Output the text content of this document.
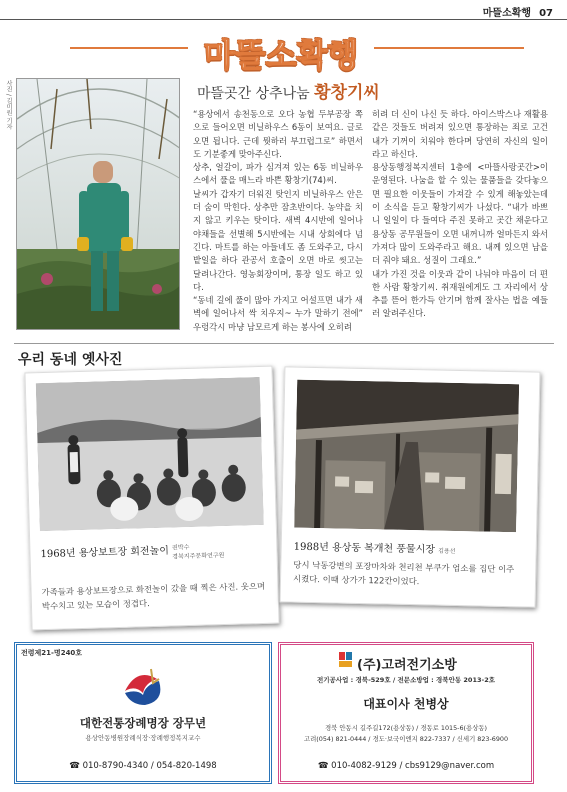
마뜰소확행 07
마뜰소확행
사진 / 김미원 기자	마뜰곳간 상추나눔 황창기씨
“용상에서 송천동으로 오다 농협 두부공장 쪽으로 들어오면 비닐하우스 6동이 보여요. 글로 오면 됩니다. 근데 뭣하러 부끄럽그로” 하면서도 기분좋게 맞아주신다.
상추, 얼갈이, 파가 심겨져 있는 6동 비닐하우스에서 풀을 매느라 바쁜 황창기(74)씨.
날씨가 갑자기 더워진 탓인지 비닐하우스 안은 더 숨이 막힌다. 상추만 잠초반이다. 농약을 치지 않고 키우는 탓이다. 새벽 4시반에 일어나 야채들을 선별해 5시반에는 시내 상회에다 넘긴다. 마트를 하는 아들네도 좀 도와주고, 다시 밭일을 하다 관공서 호출이 오면 바로 씻고는 달려나간다. 영농회장이며, 통장 일도 하고 있다.
“동네 길에 풀이 많아 가지고 어설프면 내가 새벽에 일어나서 싹 치우지~ 누가 말하기 전에” 우렁각시 마냥 남모르게 하는 봉사에 오히려
히려 더 신이 나신 듯 하다. 아이스박스나 재활용 같은 것들도 버려져 있으면 통장하는 죄로 고건 내가 기꺼이 치워야 한다며 당연히 자신의 일이라고 하신다.
용상동행정복지센터 1층에 <마뜰사랑곳간>이 운영된다. 나눔을 할 수 있는 물품들을 갖다놓으면 필요한 이웃들이 가져갈 수 있게 해놓았는데 이 소식을 듣고 황창기씨가 나섰다. “내가 바쁘니 일일이 다 들여다 주진 못하고 곳간 채운다고 용상동 공무원들이 오면 내꺼니까 얼마든지 와서 가져다 많이 도와주라고 해요. 내께 있으면 남을 더 줘야 돼요. 성질이 그래요.”
내가 가진 것을 이웃과 같이 나눠야 마음이 더 편한 사람 황창기씨. 취재원에게도 그 자리에서 상추를 뜯어 한가득 안기며 함께 잘사는 법을 예들러 알려주신다.
우리 동네 옛사진
1968년 용상보트장 회전놀이 권박수
경북지주문화연구원
가족들과 용상보트장으로 화전놀이 갔을 때 찍은 사진. 웃으며 박수치고 있는 모습이 정겹다.
1988년 용상동 복개천 풍물시장 김용선
당시 낙동강변의 포장마차와 천리천 부쿠가 업소를 집단 이주시켰다. 이때 상가가 122칸이었다.
전령제21-명240호
대한전통장례명장 장무년
용상안동병원장례식장·장례행정복지교수
☎ 010-8790-4340 / 054-820-1498
(주)고려전기소방
전기공사업 : 경북-529호 / 전문소방업 : 경북안동 2013-2호
대표이사 천병상
경북 안동시 길주길172(용상동) / 경동로 1015-6(용상동)
고려(054) 821-0444 / 경도·보국이엔지 822-7337 / 신세기 823-6900
☎ 010-4082-9129 / cbs9129@naver.com
